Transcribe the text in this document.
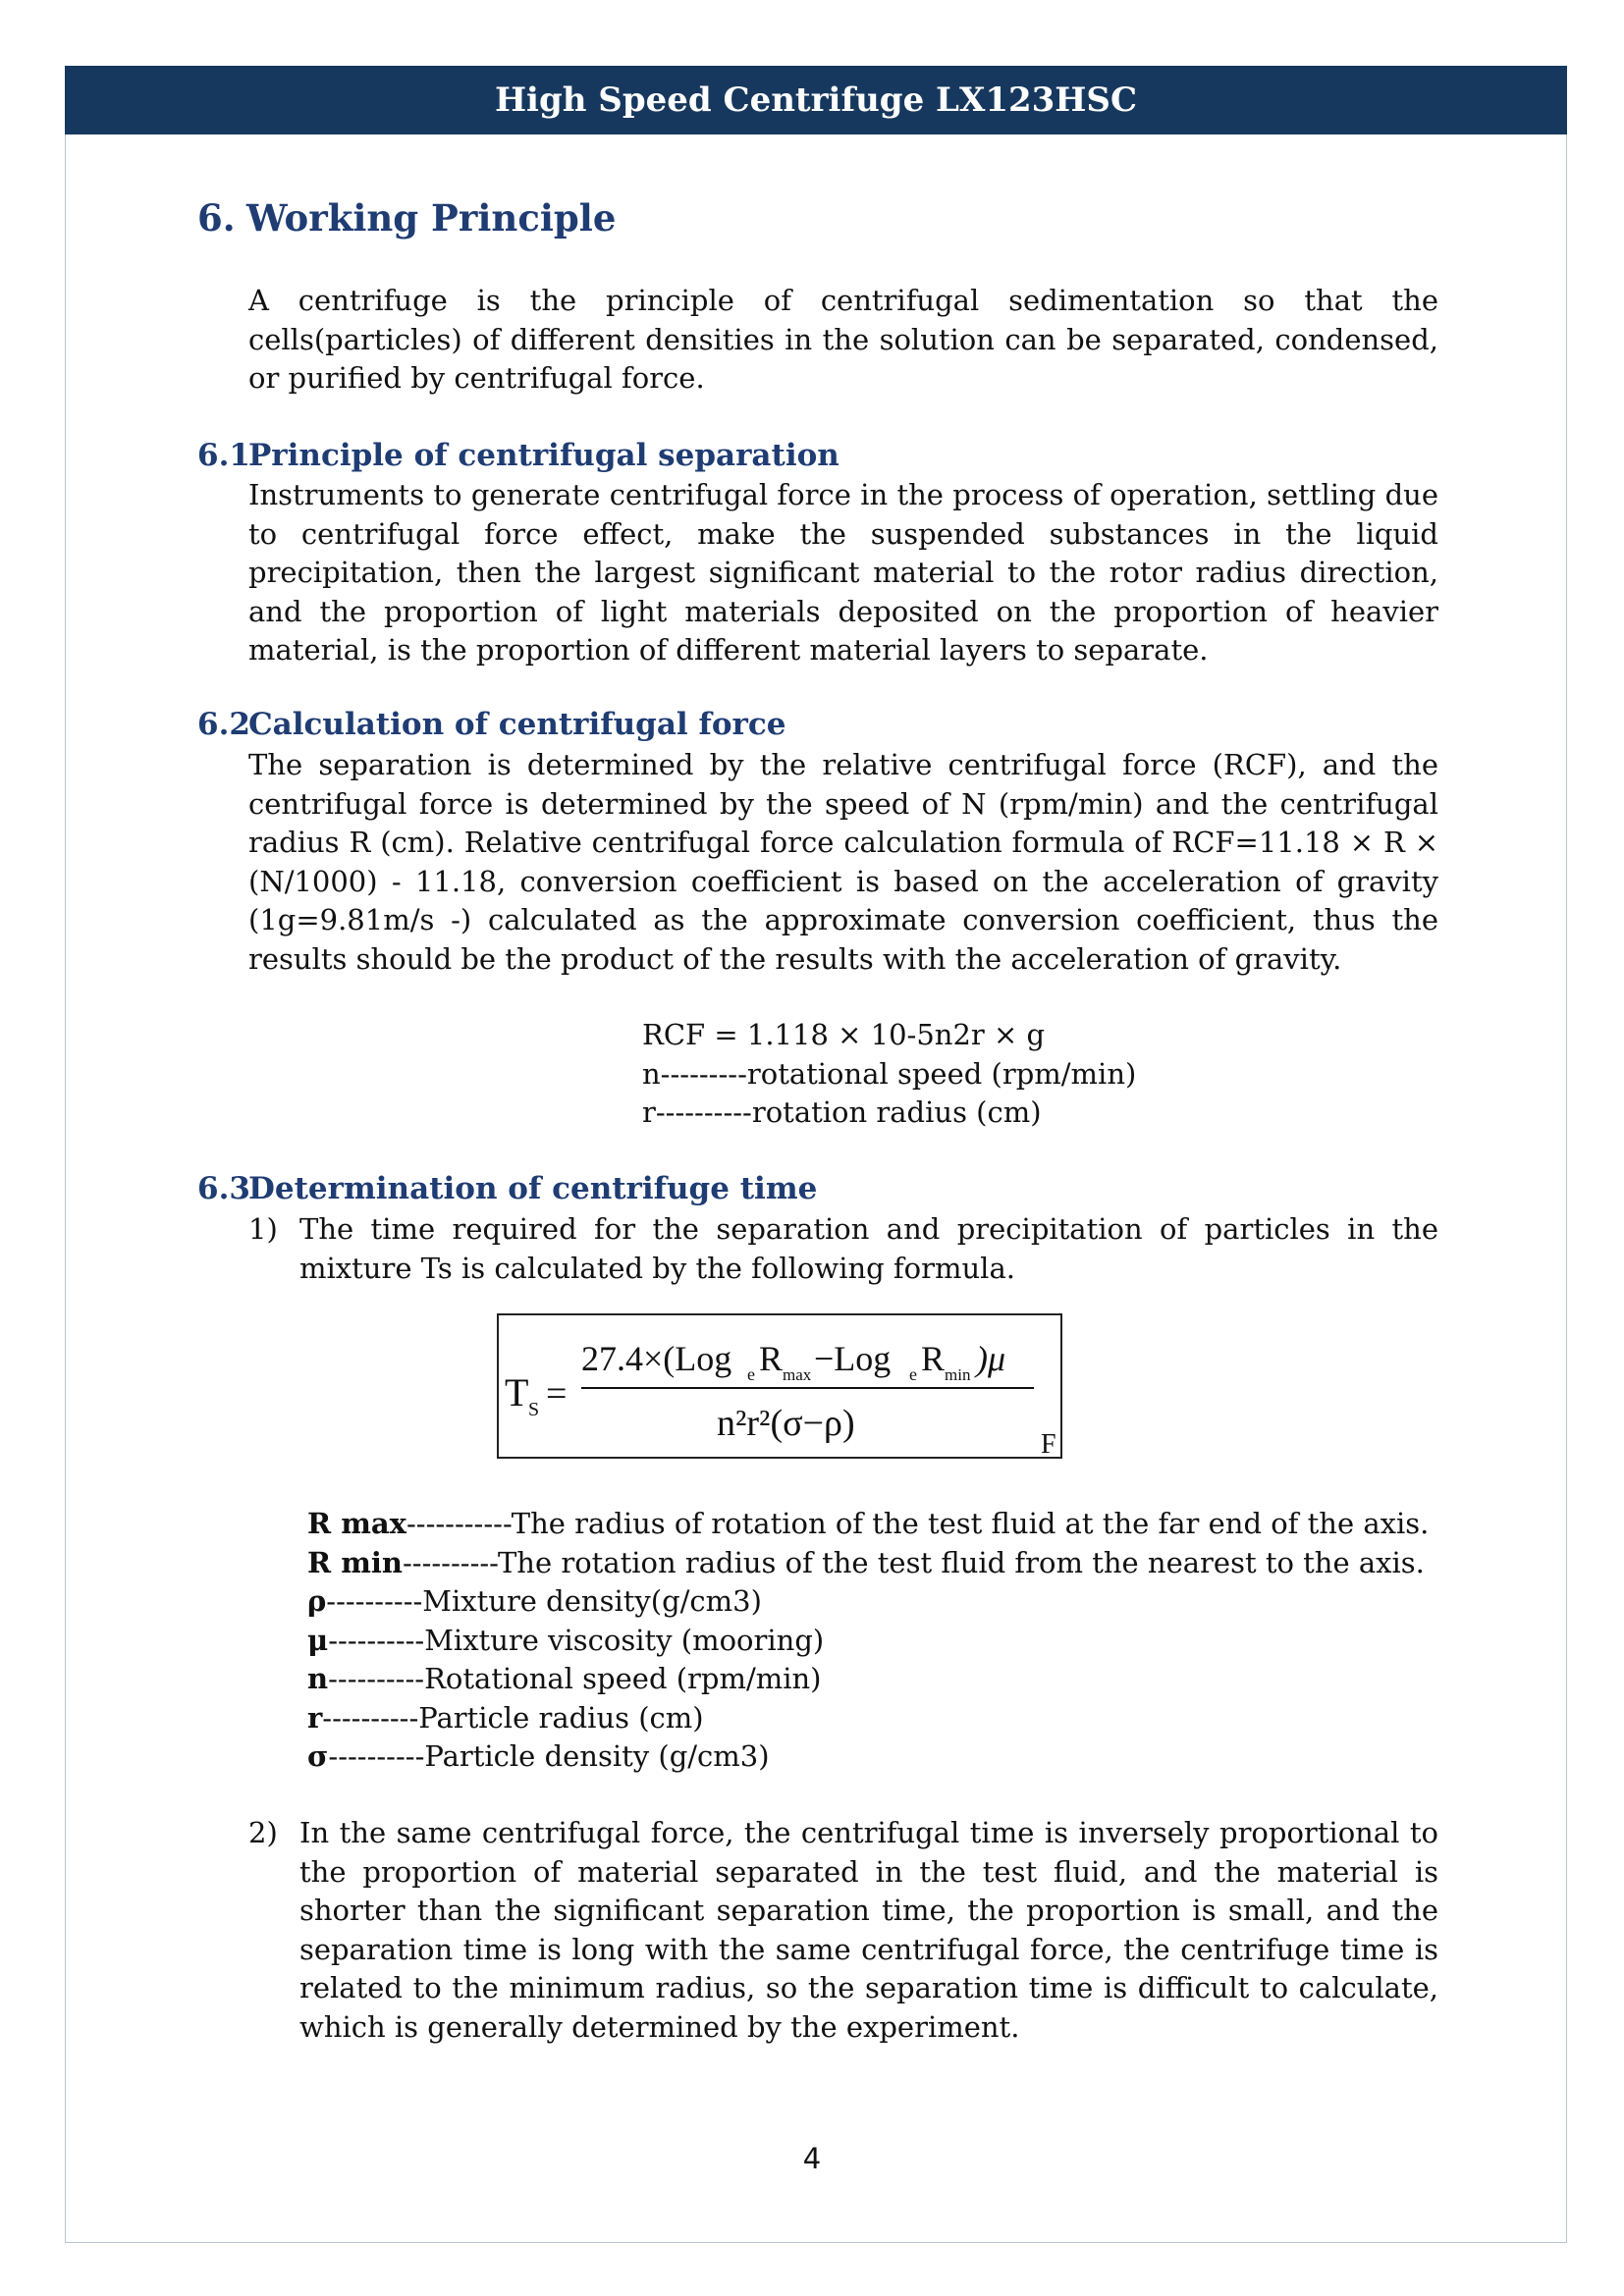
High Speed Centrifuge LX123HSC
6. Working Principle

A centrifuge is the principle of centrifugal sedimentation so that the cells(particles) of different densities in the solution can be separated, condensed, or purified by centrifugal force.

6.1Principle of centrifugal separation

Instruments to generate centrifugal force in the process of operation, settling due to centrifugal force effect, make the suspended substances in the liquid precipitation, then the largest significant material to the rotor radius direction, and the proportion of light materials deposited on the proportion of heavier material, is the proportion of different material layers to separate.

6.2Calculation of centrifugal force

The separation is determined by the relative centrifugal force (RCF), and the centrifugal force is determined by the speed of N (rpm/min) and the centrifugal radius R (cm). Relative centrifugal force calculation formula of RCF=11.18 × R × (N/1000) - 11.18, conversion coefficient is based on the acceleration of gravity (1g=9.81m/s -) calculated as the approximate conversion coefficient, thus the results should be the product of the results with the acceleration of gravity.

RCF = 1.118 × 10-5n2r × g
n---------rotational speed (rpm/min)
r----------rotation radius (cm)
6.3Determination of centrifuge time
1) The time required for the separation and precipitation of particles in the mixture Ts is calculated by the following formula.
T S =
27.4×(Log e R max −Log e R min )μ
n²r²(σ−ρ)
F
R max-----------The radius of rotation of the test fluid at the far end of the axis.
R min----------The rotation radius of the test fluid from the nearest to the axis.
ρ----------Mixture density(g/cm3)
μ----------Mixture viscosity (mooring)
n----------Rotational speed (rpm/min)
r----------Particle radius (cm)
σ----------Particle density (g/cm3)
2) In the same centrifugal force, the centrifugal time is inversely proportional to the proportion of material separated in the test fluid, and the material is shorter than the significant separation time, the proportion is small, and the separation time is long with the same centrifugal force, the centrifuge time is related to the minimum radius, so the separation time is difficult to calculate, which is generally determined by the experiment.
4
